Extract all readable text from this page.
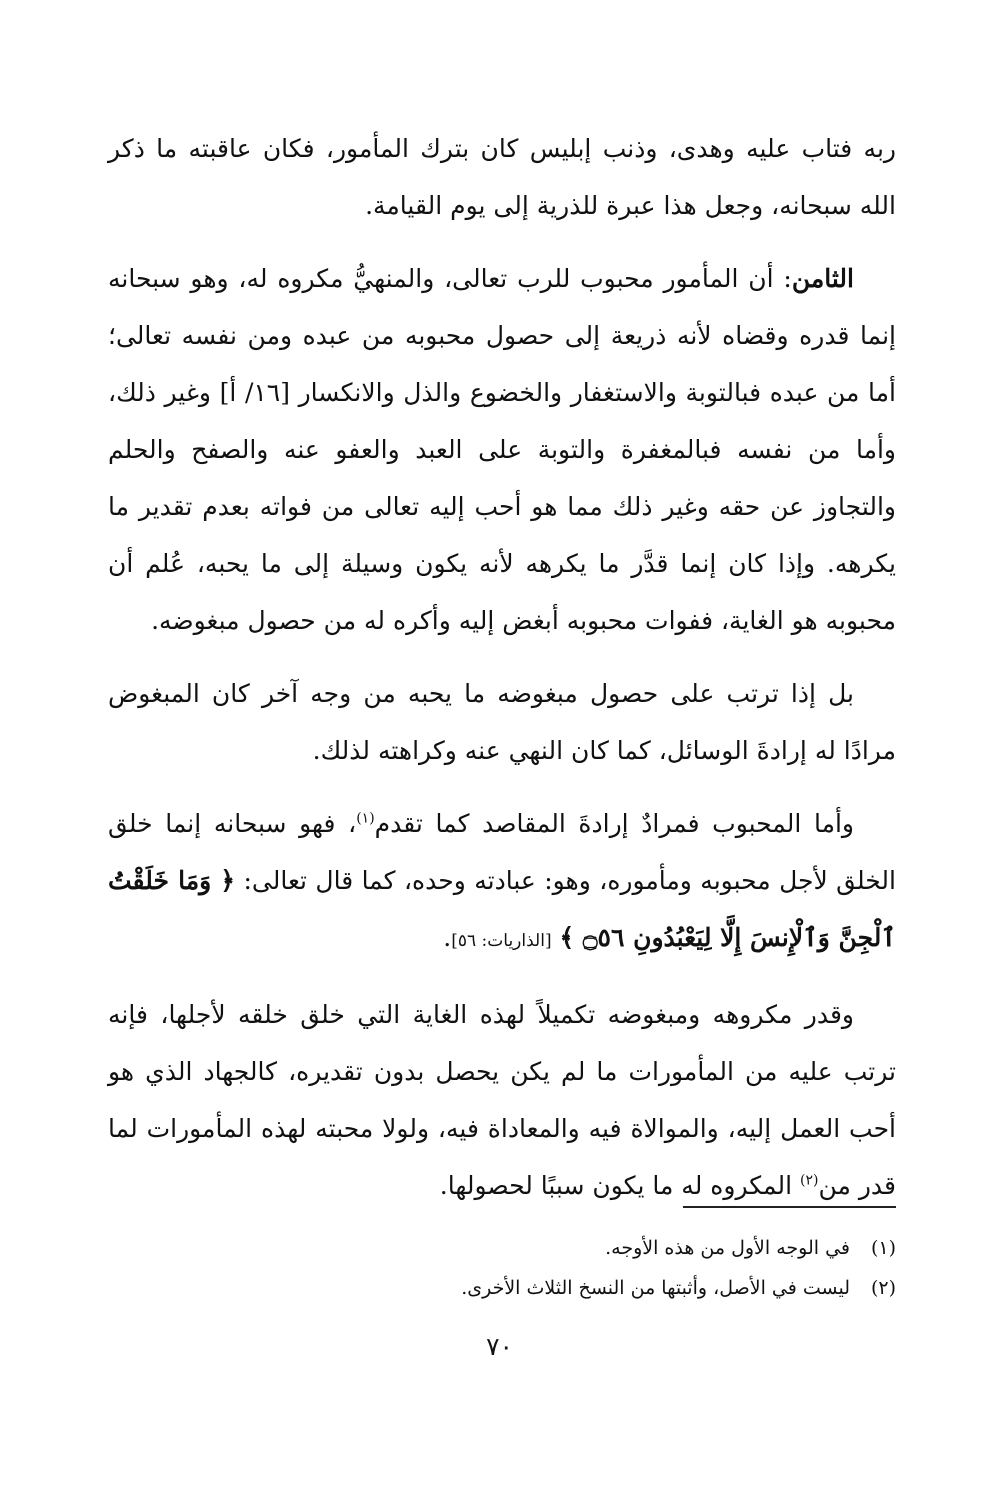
ربه فتاب عليه وهدى، وذنب إبليس كان بترك المأمور، فكان عاقبته ما ذكر الله سبحانه، وجعل هذا عبرة للذرية إلى يوم القيامة.

الثامن: أن المأمور محبوب للرب تعالى، والمنهيُّ مكروه له، وهو سبحانه إنما قدره وقضاه لأنه ذريعة إلى حصول محبوبه من عبده ومن نفسه تعالى؛ أما من عبده فبالتوبة والاستغفار والخضوع والذل والانكسار [١٦/ أ] وغير ذلك، وأما من نفسه فبالمغفرة والتوبة على العبد والعفو عنه والصفح والحلم والتجاوز عن حقه وغير ذلك مما هو أحب إليه تعالى من فواته بعدم تقدير ما يكرهه. وإذا كان إنما قدَّر ما يكرهه لأنه يكون وسيلة إلى ما يحبه، عُلم أن محبوبه هو الغاية، ففوات محبوبه أبغض إليه وأكره له من حصول مبغوضه.

بل إذا ترتب على حصول مبغوضه ما يحبه من وجه آخر كان المبغوض مرادًا له إرادةَ الوسائل، كما كان النهي عنه وكراهته لذلك.

وأما المحبوب فمرادٌ إرادةَ المقاصد كما تقدم$^{(١)}$، فهو سبحانه إنما خلق الخلق لأجل محبوبه ومأموره، وهو: عبادته وحده، كما قال تعالى: ﴿ وَمَا خَلَقْتُ ٱلْجِنَّ وَٱلْإِنسَ إِلَّا لِيَعْبُدُونِ ۝٥٦ ﴾ [الذاريات: ٥٦].

وقدر مكروهه ومبغوضه تكميلاً لهذه الغاية التي خلق خلقه لأجلها، فإنه ترتب عليه من المأمورات ما لم يكن يحصل بدون تقديره، كالجهاد الذي هو أحب العمل إليه، والموالاة فيه والمعاداة فيه، ولولا محبته لهذه المأمورات لما قدر من$^{(٢)}$ المكروه له ما يكون سببًا لحصولها.

(١)في الوجه الأول من هذه الأوجه.
(٢)ليست في الأصل، وأثبتها من النسخ الثلاث الأخرى.
٧٠
